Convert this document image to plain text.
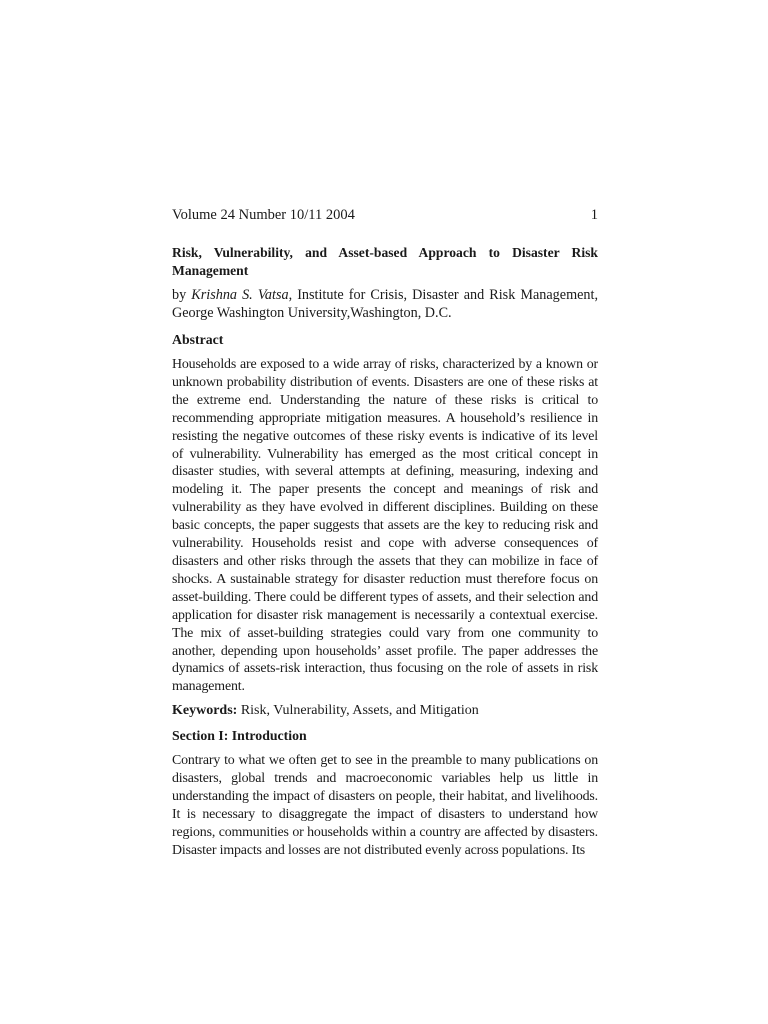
Volume 24 Number 10/11 2004	1
Risk, Vulnerability, and Asset-based Approach to Disaster Risk Management
by Krishna S. Vatsa, Institute for Crisis, Disaster and Risk Management, George Washington University,Washington, D.C.
Abstract
Households are exposed to a wide array of risks, characterized by a known or unknown probability distribution of events. Disasters are one of these risks at the extreme end. Understanding the nature of these risks is critical to recommending appropriate mitigation measures. A household’s resilience in resisting the negative outcomes of these risky events is indicative of its level of vulnerability. Vulnerability has emerged as the most critical concept in disaster studies, with several attempts at defining, measuring, indexing and modeling it. The paper presents the concept and meanings of risk and vulnerability as they have evolved in different disciplines. Building on these basic concepts, the paper suggests that assets are the key to reducing risk and vulnerability. Households resist and cope with adverse consequences of disasters and other risks through the assets that they can mobilize in face of shocks. A sustainable strategy for disaster reduction must therefore focus on asset-building. There could be different types of assets, and their selection and application for disaster risk management is necessarily a contextual exercise. The mix of asset-building strategies could vary from one community to another, depending upon households’ asset profile. The paper addresses the dynamics of assets-risk interaction, thus focusing on the role of assets in risk management.
Keywords: Risk, Vulnerability, Assets, and Mitigation
Section I: Introduction
Contrary to what we often get to see in the preamble to many publications on disasters, global trends and macroeconomic variables help us little in understanding the impact of disasters on people, their habitat, and livelihoods. It is necessary to disaggregate the impact of disasters to understand how regions, communities or households within a country are affected by disasters. Disaster impacts and losses are not distributed evenly across populations. Its
